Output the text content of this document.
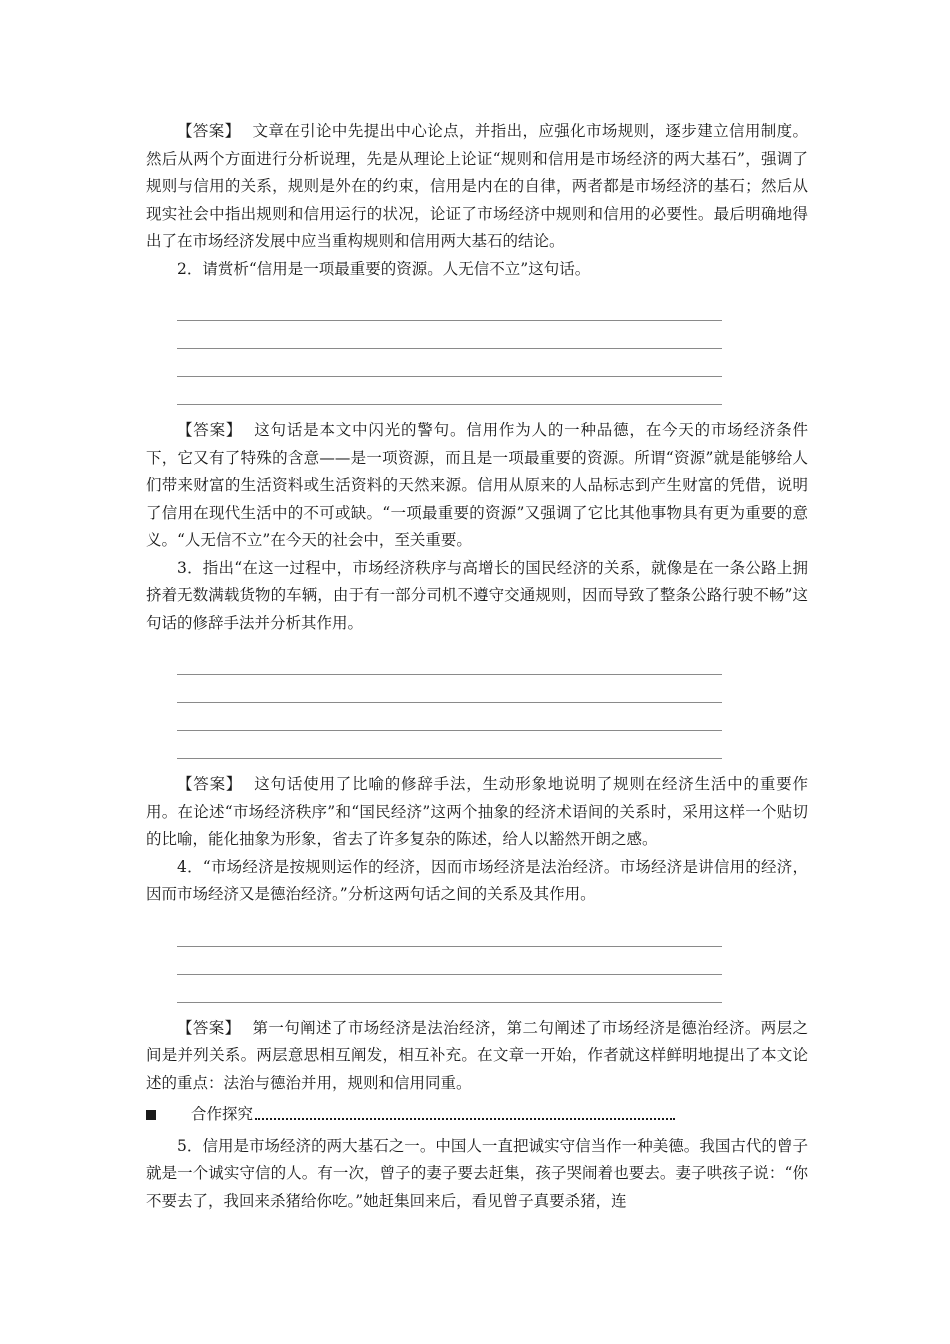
【答案】 文章在引论中先提出中心论点，并指出，应强化市场规则，逐步建立信用制度。然后从两个方面进行分析说理，先是从理论上论证“规则和信用是市场经济的两大基石”，强调了规则与信用的关系，规则是外在的约束，信用是内在的自律，两者都是市场经济的基石；然后从现实社会中指出规则和信用运行的状况，论证了市场经济中规则和信用的必要性。最后明确地得出了在市场经济发展中应当重构规则和信用两大基石的结论。

2．请赏析“信用是一项最重要的资源。人无信不立”这句话。

【答案】 这句话是本文中闪光的警句。信用作为人的一种品德，在今天的市场经济条件下，它又有了特殊的含意——是一项资源，而且是一项最重要的资源。所谓“资源”就是能够给人们带来财富的生活资料或生活资料的天然来源。信用从原来的人品标志到产生财富的凭借，说明了信用在现代生活中的不可或缺。“一项最重要的资源”又强调了它比其他事物具有更为重要的意义。“人无信不立”在今天的社会中，至关重要。

3．指出“在这一过程中，市场经济秩序与高增长的国民经济的关系，就像是在一条公路上拥挤着无数满载货物的车辆，由于有一部分司机不遵守交通规则，因而导致了整条公路行驶不畅”这句话的修辞手法并分析其作用。

【答案】 这句话使用了比喻的修辞手法，生动形象地说明了规则在经济生活中的重要作用。在论述“市场经济秩序”和“国民经济”这两个抽象的经济术语间的关系时，采用这样一个贴切的比喻，能化抽象为形象，省去了许多复杂的陈述，给人以豁然开朗之感。

4．“市场经济是按规则运作的经济，因而市场经济是法治经济。市场经济是讲信用的经济，因而市场经济又是德治经济。”分析这两句话之间的关系及其作用。

【答案】 第一句阐述了市场经济是法治经济，第二句阐述了市场经济是德治经济。两层之间是并列关系。两层意思相互阐发，相互补充。在文章一开始，作者就这样鲜明地提出了本文论述的重点：法治与德治并用，规则和信用同重。

合作探究

5．信用是市场经济的两大基石之一。中国人一直把诚实守信当作一种美德。我国古代的曾子就是一个诚实守信的人。有一次，曾子的妻子要去赶集，孩子哭闹着也要去。妻子哄孩子说：“你不要去了，我回来杀猪给你吃。”她赶集回来后，看见曾子真要杀猪，连
